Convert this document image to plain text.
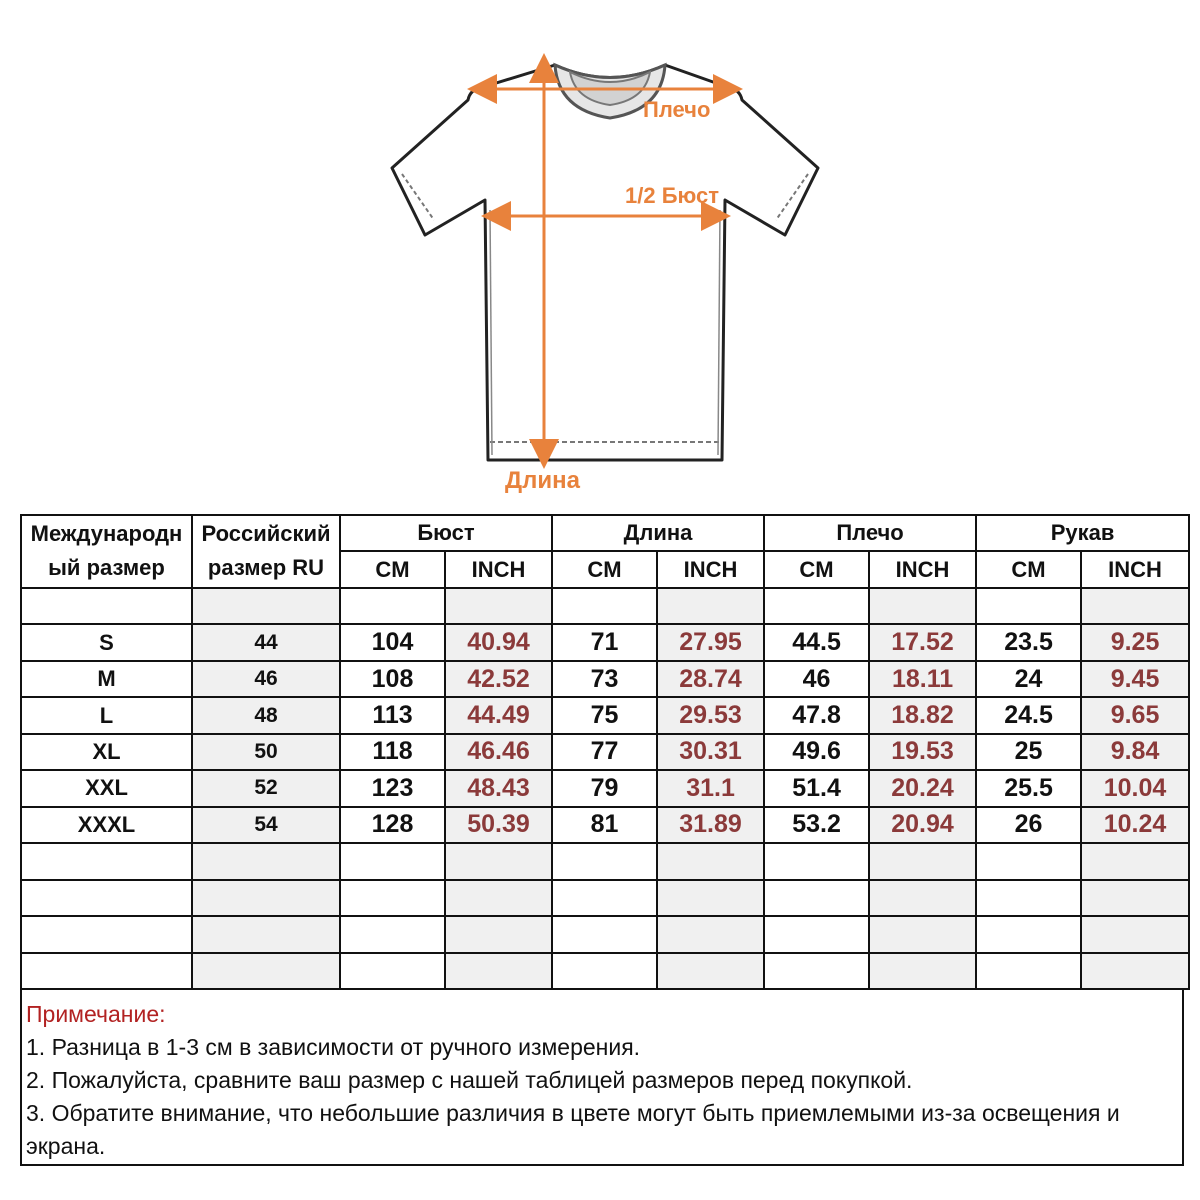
Плечо
1/2 Бюст
Длина
Международный размер	Российский размер RU	Бюст		Длина		Плечо		Рукав	
		CM	INCH	CM	INCH	CM	INCH	CM	INCH

S	44	104	40.94	71	27.95	44.5	17.52	23.5	9.25
M	46	108	42.52	73	28.74	46	18.11	24	9.45
L	48	113	44.49	75	29.53	47.8	18.82	24.5	9.65
XL	50	118	46.46	77	30.31	49.6	19.53	25	9.84
XXL	52	123	48.43	79	31.1	51.4	20.24	25.5	10.04
XXXL	54	128	50.39	81	31.89	53.2	20.94	26	10.24

Примечание:

1. Разница в 1-3 см в зависимости от ручного измерения.

2. Пожалуйста, сравните ваш размер с нашей таблицей размеров перед покупкой.

3. Обратите внимание, что небольшие различия в цвете могут быть приемлемыми из-за освещения и экрана.
